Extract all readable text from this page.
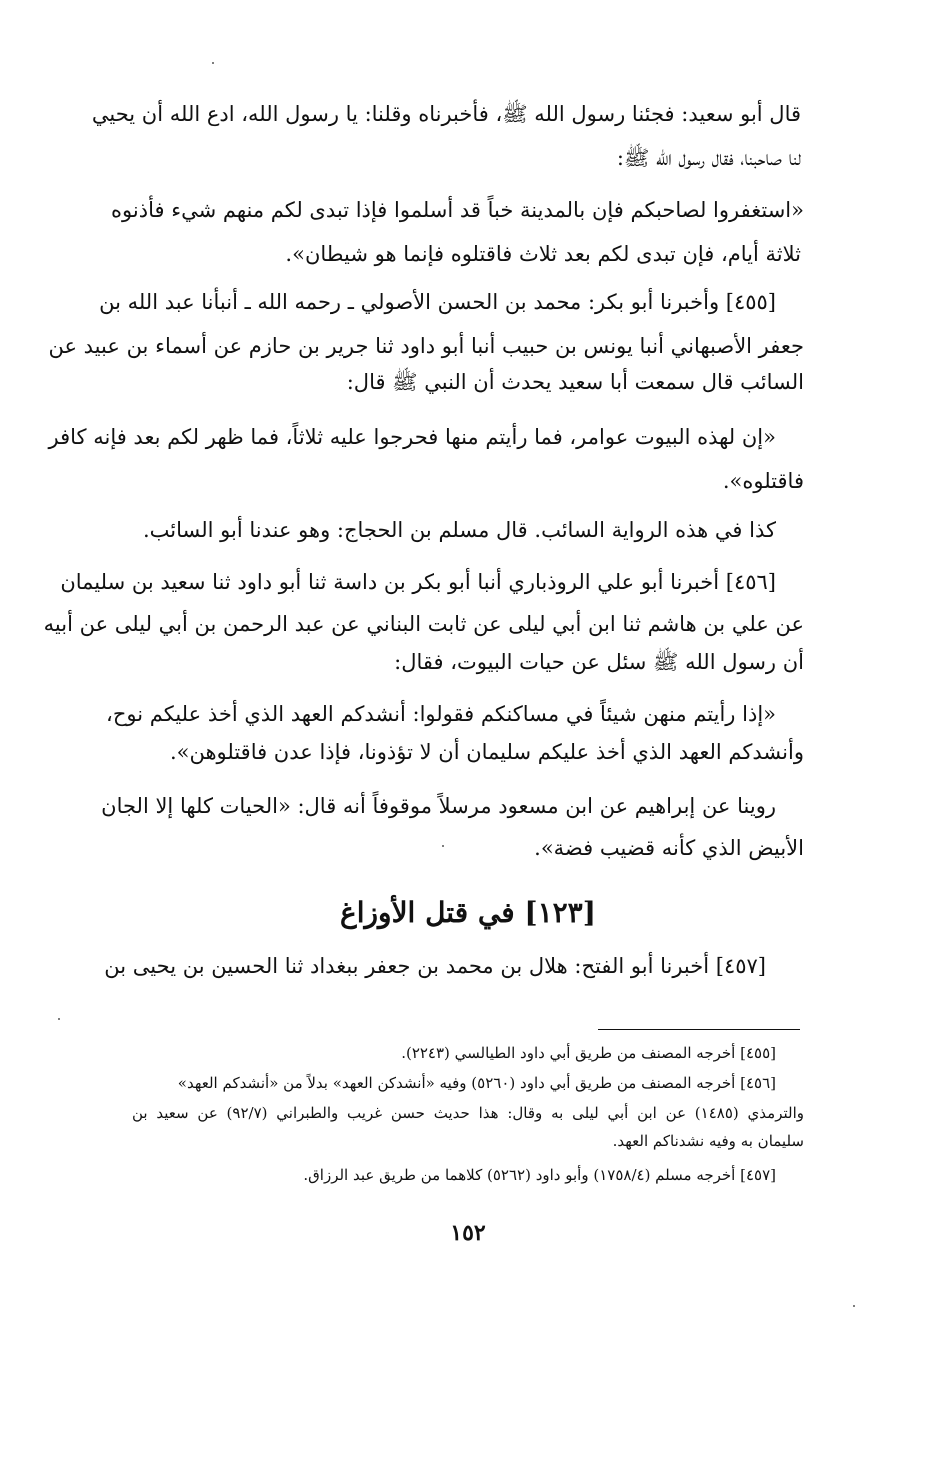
قال أبو سعيد: فجئنا رسول الله ﷺ، فأخبرناه وقلنا: يا رسول الله، ادع الله أن يحيي
لنا صاحبنا، فقال رسول الله ﷺ:
«استغفروا لصاحبكم فإن بالمدينة خباً قد أسلموا فإذا تبدى لكم منهم شيء فأذنوه
ثلاثة أيام، فإن تبدى لكم بعد ثلاث فاقتلوه فإنما هو شيطان».
[٤٥٥] وأخبرنا أبو بكر: محمد بن الحسن الأصولي ـ رحمه الله ـ أنبأنا عبد الله بن
جعفر الأصبهاني أنبا يونس بن حبيب أنبا أبو داود ثنا جرير بن حازم عن أسماء بن عبيد عن
السائب قال سمعت أبا سعيد يحدث أن النبي ﷺ قال:
«إن لهذه البيوت عوامر، فما رأيتم منها فحرجوا عليه ثلاثاً، فما ظهر لكم بعد فإنه كافر
فاقتلوه».
كذا في هذه الرواية السائب. قال مسلم بن الحجاج: وهو عندنا أبو السائب.
[٤٥٦] أخبرنا أبو علي الروذباري أنبا أبو بكر بن داسة ثنا أبو داود ثنا سعيد بن سليمان
عن علي بن هاشم ثنا ابن أبي ليلى عن ثابت البناني عن عبد الرحمن بن أبي ليلى عن أبيه
أن رسول الله ﷺ سئل عن حيات البيوت، فقال:
«إذا رأيتم منهن شيئاً في مساكنكم فقولوا: أنشدكم العهد الذي أخذ عليكم نوح،
وأنشدكم العهد الذي أخذ عليكم سليمان أن لا تؤذونا، فإذا عدن فاقتلوهن».
روينا عن إبراهيم عن ابن مسعود مرسلاً موقوفاً أنه قال: «الحيات كلها إلا الجان
الأبيض الذي كأنه قضيب فضة».
[١٢٣] في قتل الأوزاغ
[٤٥٧] أخبرنا أبو الفتح: هلال بن محمد بن جعفر ببغداد ثنا الحسين بن يحيى بن
[٤٥٥] أخرجه المصنف من طريق أبي داود الطيالسي (٢٢٤٣).
[٤٥٦] أخرجه المصنف من طريق أبي داود (٥٢٦٠) وفيه «أنشدكن العهد» بدلاً من «أنشدكم العهد»
والترمذي (١٤٨٥) عن ابن أبي ليلى به وقال: هذا حديث حسن غريب والطبراني (٩٢/٧) عن سعيد بن
سليمان به وفيه نشدناكم العهد.
[٤٥٧] أخرجه مسلم (١٧٥٨/٤) وأبو داود (٥٢٦٢) كلاهما من طريق عبد الرزاق.
١٥٢
